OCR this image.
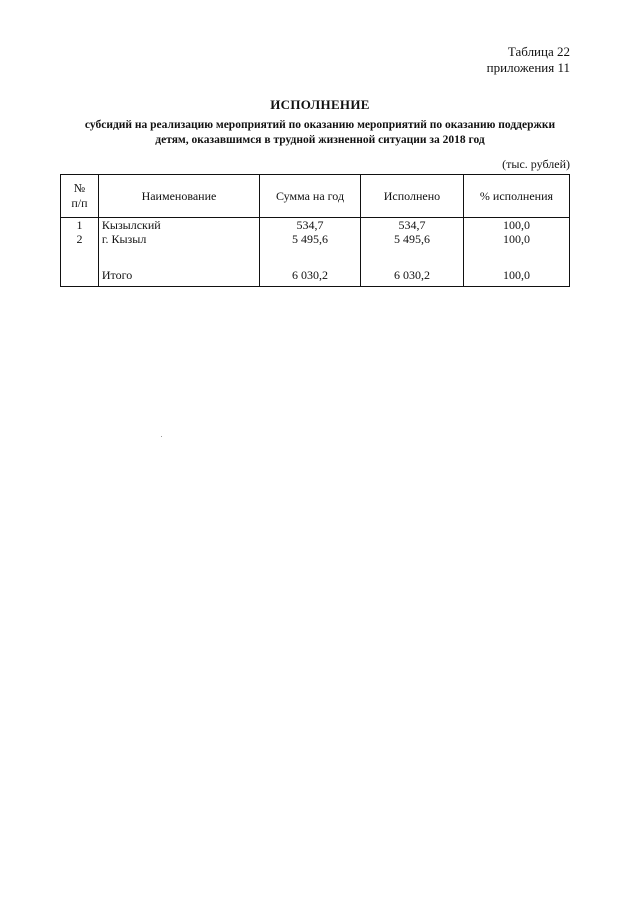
Таблица 22
приложения 11
ИСПОЛНЕНИЕ
субсидий на реализацию мероприятий по оказанию мероприятий по оказанию поддержки
детям, оказавшимся в трудной жизненной ситуации за 2018 год
(тыс. рублей)
№
п/п	Наименование	Сумма на год	Исполнено	% исполнения
1	Кызылский	534,7	534,7	100,0
2	г. Кызыл	5 495,6	5 495,6	100,0

	Итого	6 030,2	6 030,2	100,0
